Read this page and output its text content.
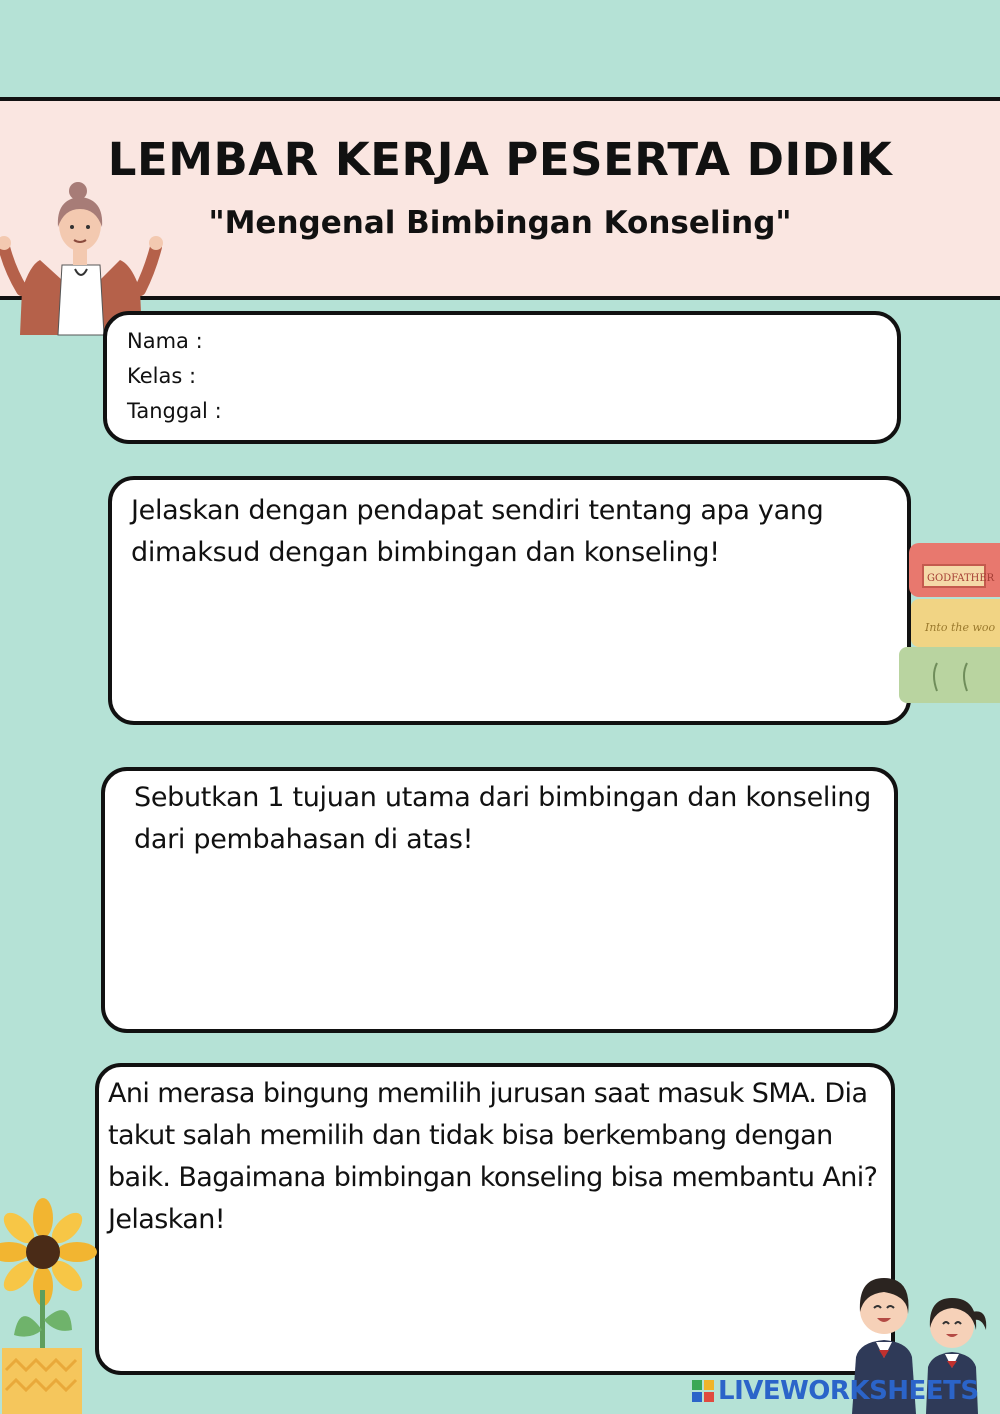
LEMBAR KERJA PESERTA DIDIK
"Mengenal Bimbingan Konseling"
Nama :
Kelas :
Tanggal :
Jelaskan dengan pendapat sendiri tentang apa yang dimaksud dengan bimbingan dan konseling!
GODFATHER
Into the woo
Sebutkan 1 tujuan utama dari bimbingan dan konseling dari pembahasan di atas!
Ani merasa bingung memilih jurusan saat masuk SMA. Dia takut salah memilih dan tidak bisa berkembang dengan baik. Bagaimana bimbingan konseling bisa membantu Ani? Jelaskan!
LIVEWORKSHEETS
